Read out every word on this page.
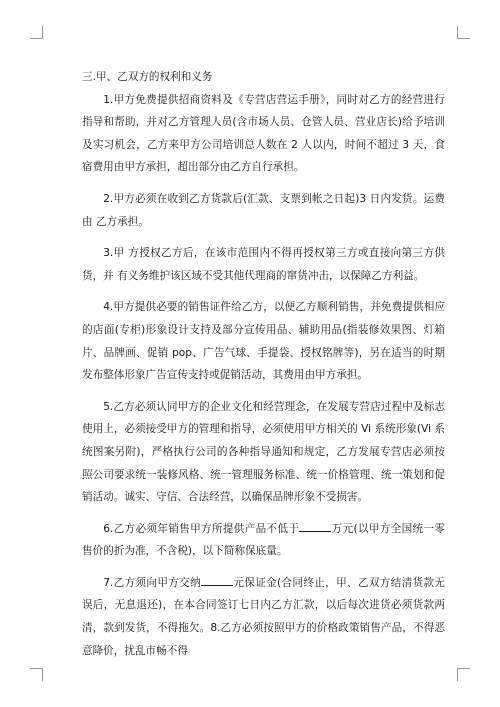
三.甲、乙双方的权利和义务

1.甲方免费提供招商资料及《专营店营运手册》，同时对乙方的经营进行指导和帮助，并对乙方管理人员(含市场人员、仓管人员、营业店长)给予培训及实习机会，乙方来甲方公司培训总人数在 2 人以内，时间不超过 3 天，食宿费用由甲方承担，超出部分由乙方自行承担。

2.甲方必须在收到乙方货款后(汇款、支票到帐之日起)3 日内发货。运费由 乙方承担。

3.甲 方授权乙方后，在该市范围内不得再授权第三方或直接向第三方供货，并 有义务维护该区域不受其他代理商的窜货冲击，以保障乙方利益。

4.甲方提供必要的销售证件给乙方，以便乙方顺利销售，并免费提供相应的店面(专柜)形象设计支持及部分宣传用品、辅助用品(指装修效果图、灯箱片、品牌画、促销 pop、广告气球、手提袋、授权铭牌等)，另在适当的时期发布整体形象广告宣传支持或促销活动，其费用由甲方承担。

5.乙方必须认同甲方的企业文化和经营理念，在发展专营店过程中及标志使用上，必须接受甲方的管理和指导，必须使用甲方相关的 Vi 系统形象(Vi 系统图案另附)，严格执行公司的各种指导通知和规定，乙方发展专营店必须按照公司要求统一装修风格、统一管理服务标准、统一价格管理、统一策划和促销活动。诚实、守信、合法经营，以确保品牌形象不受损害。

6.乙方必须年销售甲方所提供产品不低于	万元(以甲方全国统一零售价的折为准，不含税)，以下简称保底量。

7.乙方须向甲方交纳	元保证金(合同终止，甲、乙双方结清货款无误后，无息退还)，在本合同签订七日内乙方汇款，以后每次进货必须货款两清，款到发货，不得拖欠。8.乙方必须按照甲方的价格政策销售产品，不得恶意降价，扰乱市畅不得
